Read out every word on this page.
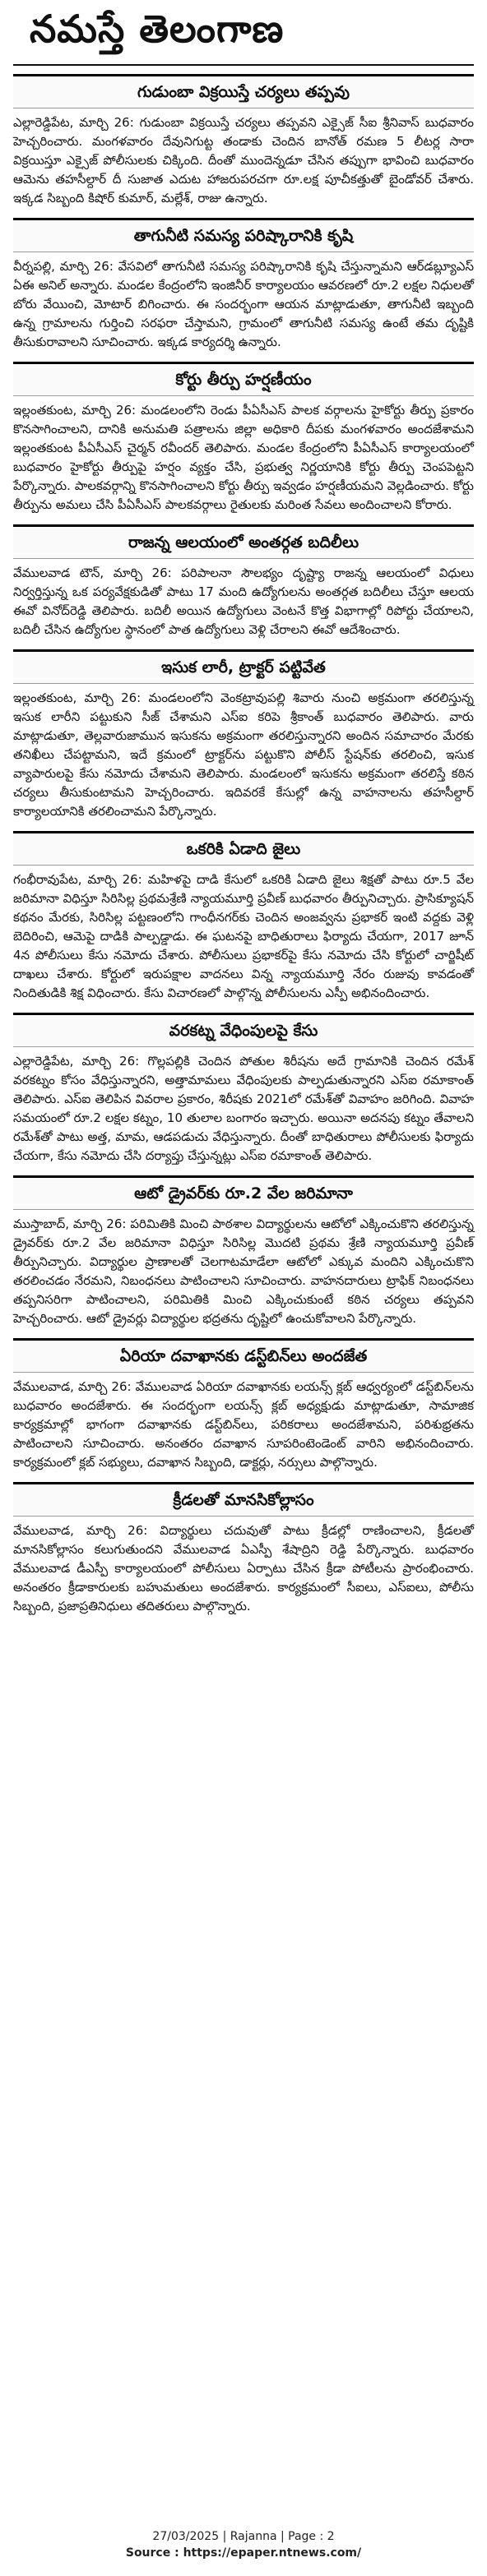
నమస్తే తెలంగాణ
గుడుంబా విక్రయిస్తే చర్యలు తప్పవు

ఎల్లారెడ్డిపేట, మార్చి 26: గుడుంబా విక్రయిస్తే చర్యలు తప్పవని ఎక్సైజ్ సీఐ శ్రీనివాస్ బుధవారం హెచ్చరించారు. మంగళవారం దేవునిగుట్ట తండాకు చెందిన బానోత్ రమణ 5 లీటర్ల సారా విక్రయిస్తూ ఎక్సైజ్ పోలీసులకు చిక్కింది. దీంతో ముందెన్నడూ చేసిన తప్పుగా భావించి బుధవారం ఆమెను తహసీల్దార్ దీ సుజాత ఎదుట హాజరుపరచగా రూ.లక్ష పూచీకత్తుతో బైండోవర్ చేశారు. ఇక్కడ సిబ్బంది కిషోర్ కుమార్, మల్లేశ్, రాజు ఉన్నారు.

తాగునీటి సమస్య పరిష్కారానికి కృషి

వీర్నపల్లి, మార్చి 26: వేసవిలో తాగునీటి సమస్య పరిష్కారానికి కృషి చేస్తున్నామని ఆర్‌డబ్ల్యూఎస్ ఏఈ అనిల్ అన్నారు. మండల కేంద్రంలోని ఇంజినీర్ కార్యాలయం ఆవరణలో రూ.2 లక్షల నిధులతో బోరు వేయించి, మోటార్ బిగించారు. ఈ సందర్భంగా ఆయన మాట్లాడుతూ, తాగునీటి ఇబ్బంది ఉన్న గ్రామాలను గుర్తించి సరఫరా చేస్తామని, గ్రామంలో తాగునీటి సమస్య ఉంటే తమ దృష్టికి తీసుకురావాలని సూచించారు. ఇక్కడ కార్యదర్శి ఉన్నారు.

కోర్టు తీర్పు హర్షణీయం

ఇల్లంతకుంట, మార్చి 26: మండలంలోని రెండు పీఏసీఎస్ పాలక వర్గాలను హైకోర్టు తీర్పు ప్రకారం కొనసాగించాలని, దానికి అనుమతి పత్రాలను జిల్లా అధికారి దీపకు మంగళవారం అందజేశామని ఇల్లంతకుంట పీఏసీఎస్ చైర్మన్ రవీందర్ తెలిపారు. మండల కేంద్రంలోని పీఏసీఎస్ కార్యాలయంలో బుధవారం హైకోర్టు తీర్పుపై హర్షం వ్యక్తం చేసి, ప్రభుత్వ నిర్ణయానికి కోర్టు తీర్పు చెంపపెట్టని పేర్కొన్నారు. పాలకవర్గాన్ని కొనసాగించాలని కోర్టు తీర్పు ఇవ్వడం హర్షణీయమని వెల్లడించారు. కోర్టు తీర్పును అమలు చేసి పీఏసీఎస్ పాలకవర్గాలు రైతులకు మరింత సేవలు అందించాలని కోరారు.

రాజన్న ఆలయంలో అంతర్గత బదిలీలు

వేములవాడ టౌన్, మార్చి 26: పరిపాలనా సౌలభ్యం దృష్ట్యా రాజన్న ఆలయంలో విధులు నిర్వర్తిస్తున్న ఒక పర్యవేక్షకుడితో పాటు 17 మంది ఉద్యోగులను అంతర్గత బదిలీలు చేస్తూ ఆలయ ఈవో వినోద్‌రెడ్డి తెలిపారు. బదిలీ అయిన ఉద్యోగులు వెంటనే కొత్త విభాగాల్లో రిపోర్టు చేయాలని, బదిలీ చేసిన ఉద్యోగుల స్థానంలో పాత ఉద్యోగులు వెళ్లి చేరాలని ఈవో ఆదేశించారు.

ఇసుక లారీ, ట్రాక్టర్ పట్టివేత

ఇల్లంతకుంట, మార్చి 26: మండలంలోని వెంకట్రావుపల్లి శివారు నుంచి అక్రమంగా తరలిస్తున్న ఇసుక లారీని పట్టుకుని సీజ్ చేశామని ఎస్ఐ కరిపె శ్రీకాంత్ బుధవారం తెలిపారు. వారు మాట్లాడుతూ, తెల్లవారుజామున ఇసుకను అక్రమంగా తరలిస్తున్నారని అందిన సమాచారం మేరకు తనిఖీలు చేపట్టామని, ఇదే క్రమంలో ట్రాక్టర్‌ను పట్టుకొని పోలీస్ స్టేషన్‌కు తరలించి, ఇసుక వ్యాపారులపై కేసు నమోదు చేశామని తెలిపారు. మండలంలో ఇసుకను అక్రమంగా తరలిస్తే కఠిన చర్యలు తీసుకుంటామని హెచ్చరించారు. ఇదివరకే కేసుల్లో ఉన్న వాహనాలను తహసీల్దార్ కార్యాలయానికి తరలించామని పేర్కొన్నారు.

ఒకరికి ఏడాది జైలు

గంభీరావుపేట, మార్చి 26: మహిళపై దాడి కేసులో ఒకరికి ఏడాది జైలు శిక్షతో పాటు రూ.5 వేల జరిమానా విధిస్తూ సిరిసిల్ల ప్రథమశ్రేణి న్యాయమూర్తి ప్రవీణ్ బుధవారం తీర్పునిచ్చారు. ప్రాసిక్యూషన్ కథనం మేరకు, సిరిసిల్ల పట్టణంలోని గాంధీనగర్‌కు చెందిన అంజవ్వను ప్రభాకర్‌ ఇంటి వద్దకు వెళ్లి బెదిరించి, ఆమెపై దాడికి పాల్పడ్డాడు. ఈ ఘటనపై బాధితురాలు ఫిర్యాదు చేయగా, 2017 జూన్ 4న పోలీసులు కేసు నమోదు చేశారు. పోలీసులు ప్రభాకర్‌పై కేసు నమోదు చేసి కోర్టులో చార్జిషీట్ దాఖలు చేశారు. కోర్టులో ఇరుపక్షాల వాదనలు విన్న న్యాయమూర్తి నేరం రుజువు కావడంతో నిందితుడికి శిక్ష విధించారు. కేసు విచారణలో పాల్గొన్న పోలీసులను ఎస్పీ అభినందించారు.

వరకట్న వేధింపులపై కేసు

ఎల్లారెడ్డిపేట, మార్చి 26: గొల్లపల్లికి చెందిన పోతుల శిరీషను అదే గ్రామానికి చెందిన రమేశ్ వరకట్నం కోసం వేధిస్తున్నారని, అత్తామామలు వేధింపులకు పాల్పడుతున్నారని ఎస్ఐ రమాకాంత్ తెలిపారు. ఎస్ఐ తెలిపిన వివరాల ప్రకారం, శిరీషకు 2021లో రమేశ్‌తో వివాహం జరిగింది. వివాహ సమయంలో రూ.2 లక్షల కట్నం, 10 తులాల బంగారం ఇచ్చారు. అయినా అదనపు కట్నం తేవాలని రమేశ్‌తో పాటు అత్త, మామ, ఆడపడుచు వేధిస్తున్నారు. దీంతో బాధితురాలు పోలీసులకు ఫిర్యాదు చేయగా, కేసు నమోదు చేసి దర్యాప్తు చేస్తున్నట్లు ఎస్ఐ రమాకాంత్ తెలిపారు.

ఆటో డ్రైవర్‌కు రూ.2 వేల జరిమానా

ముస్తాబాద్, మార్చి 26: పరిమితికి మించి పాఠశాల విద్యార్థులను ఆటోలో ఎక్కించుకొని తరలిస్తున్న డ్రైవర్‌కు రూ.2 వేల జరిమానా విధిస్తూ సిరిసిల్ల మొదటి ప్రథమ శ్రేణి న్యాయమూర్తి ప్రవీణ్ తీర్పునిచ్చారు. విద్యార్థుల ప్రాణాలతో చెలగాటమాడేలా ఆటోలో ఎక్కువ మందిని ఎక్కించుకొని తరలించడం నేరమని, నిబంధనలు పాటించాలని సూచించారు. వాహనదారులు ట్రాఫిక్ నిబంధనలు తప్పనిసరిగా పాటించాలని, పరిమితికి మించి ఎక్కించుకుంటే కఠిన చర్యలు తప్పవని హెచ్చరించారు. ఆటో డ్రైవర్లు విద్యార్థుల భద్రతను దృష్టిలో ఉంచుకోవాలని పేర్కొన్నారు.

ఏరియా దవాఖానకు డస్ట్‌బిన్‌లు అందజేత

వేములవాడ, మార్చి 26: వేములవాడ ఏరియా దవాఖానకు లయన్స్ క్లబ్ ఆధ్వర్యంలో డస్ట్‌బిన్‌లను బుధవారం అందజేశారు. ఈ సందర్భంగా లయన్స్ క్లబ్ అధ్యక్షుడు మాట్లాడుతూ, సామాజిక కార్యక్రమాల్లో భాగంగా దవాఖానకు డస్ట్‌బిన్‌లు, పరికరాలు అందజేశామని, పరిశుభ్రతను పాటించాలని సూచించారు. అనంతరం దవాఖాన సూపరింటెండెంట్ వారిని అభినందించారు. కార్యక్రమంలో క్లబ్ సభ్యులు, దవాఖాన సిబ్బంది, డాక్టర్లు, నర్సులు పాల్గొన్నారు.

క్రీడలతో మానసికోల్లాసం

వేములవాడ, మార్చి 26: విద్యార్థులు చదువుతో పాటు క్రీడల్లో రాణించాలని, క్రీడలతో మానసికోల్లాసం కలుగుతుందని వేములవాడ ఏఎస్పీ శేషాద్రిని రెడ్డి పేర్కొన్నారు. బుధవారం వేములవాడ డీఎస్పీ కార్యాలయంలో పోలీసులు ఏర్పాటు చేసిన క్రీడా పోటీలను ప్రారంభించారు. అనంతరం క్రీడాకారులకు బహుమతులు అందజేశారు. కార్యక్రమంలో సీఐలు, ఎస్ఐలు, పోలీసు సిబ్బంది, ప్రజాప్రతినిధులు తదితరులు పాల్గొన్నారు.

27/03/2025 | Rajanna | Page : 2
Source : https://epaper.ntnews.com/
